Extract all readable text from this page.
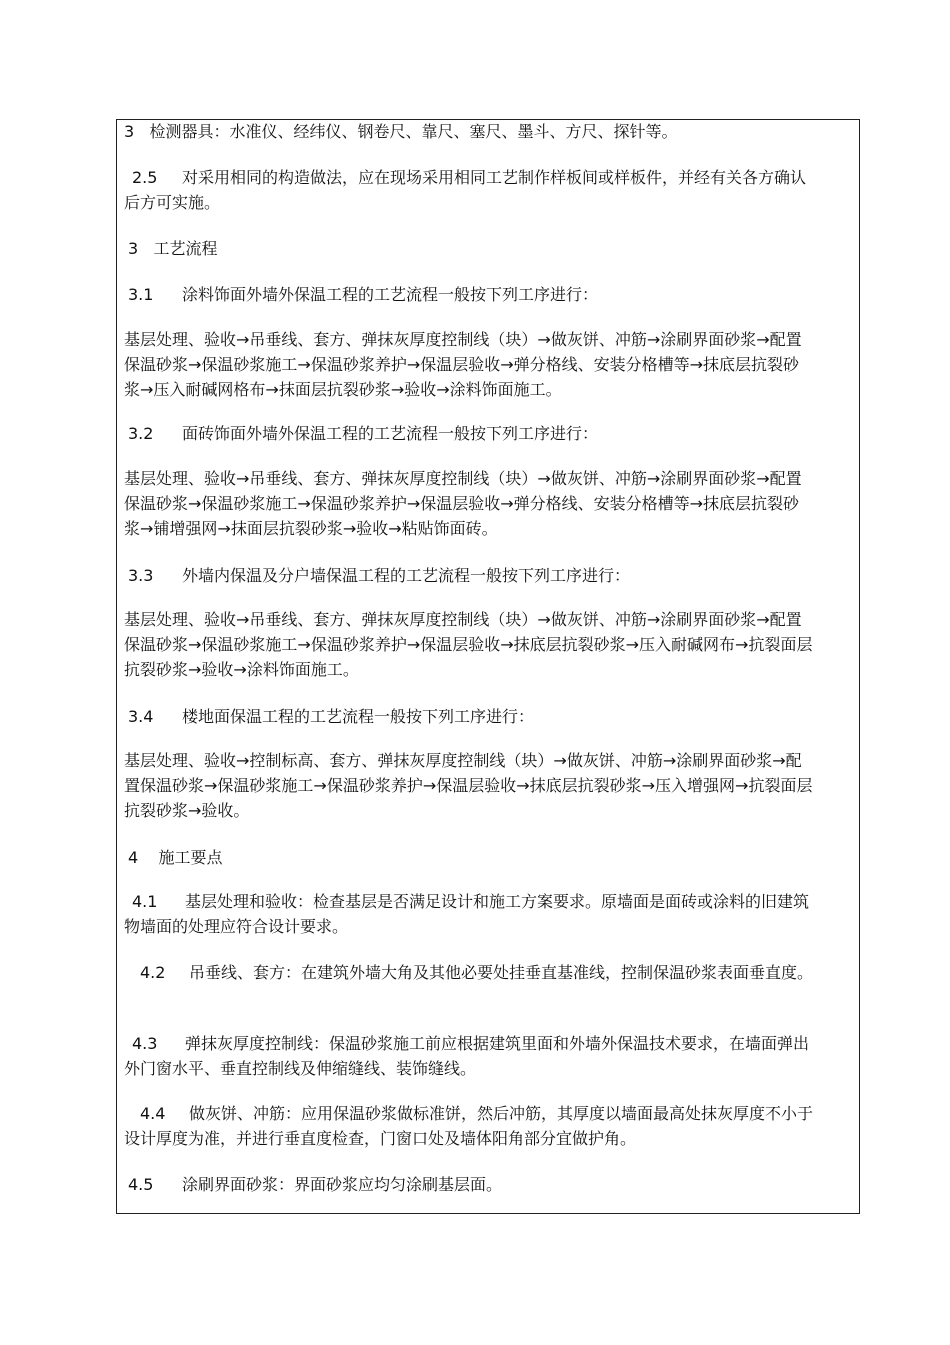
3 检测器具：水准仪、经纬仪、钢卷尺、靠尺、塞尺、墨斗、方尺、探针等。

2.5 对采用相同的构造做法，应在现场采用相同工艺制作样板间或样板件，并经有关各方确认后方可实施。

3 工艺流程

3.1 涂料饰面外墙外保温工程的工艺流程一般按下列工序进行：

基层处理、验收→吊垂线、套方、弹抹灰厚度控制线（块）→做灰饼、冲筋→涂刷界面砂浆→配置保温砂浆→保温砂浆施工→保温砂浆养护→保温层验收→弹分格线、安装分格槽等→抹底层抗裂砂浆→压入耐碱网格布→抹面层抗裂砂浆→验收→涂料饰面施工。

3.2 面砖饰面外墙外保温工程的工艺流程一般按下列工序进行：

基层处理、验收→吊垂线、套方、弹抹灰厚度控制线（块）→做灰饼、冲筋→涂刷界面砂浆→配置保温砂浆→保温砂浆施工→保温砂浆养护→保温层验收→弹分格线、安装分格槽等→抹底层抗裂砂浆→铺增强网→抹面层抗裂砂浆→验收→粘贴饰面砖。

3.3 外墙内保温及分户墙保温工程的工艺流程一般按下列工序进行：

基层处理、验收→吊垂线、套方、弹抹灰厚度控制线（块）→做灰饼、冲筋→涂刷界面砂浆→配置保温砂浆→保温砂浆施工→保温砂浆养护→保温层验收→抹底层抗裂砂浆→压入耐碱网布→抗裂面层抗裂砂浆→验收→涂料饰面施工。

3.4 楼地面保温工程的工艺流程一般按下列工序进行：

基层处理、验收→控制标高、套方、弹抹灰厚度控制线（块）→做灰饼、冲筋→涂刷界面砂浆→配置保温砂浆→保温砂浆施工→保温砂浆养护→保温层验收→抹底层抗裂砂浆→压入增强网→抗裂面层抗裂砂浆→验收。

4 施工要点

4.1 基层处理和验收：检查基层是否满足设计和施工方案要求。原墙面是面砖或涂料的旧建筑物墙面的处理应符合设计要求。

4.2 吊垂线、套方：在建筑外墙大角及其他必要处挂垂直基准线，控制保温砂浆表面垂直度。

4.3 弹抹灰厚度控制线：保温砂浆施工前应根据建筑里面和外墙外保温技术要求，在墙面弹出外门窗水平、垂直控制线及伸缩缝线、装饰缝线。

4.4 做灰饼、冲筋：应用保温砂浆做标准饼，然后冲筋，其厚度以墙面最高处抹灰厚度不小于设计厚度为准，并进行垂直度检查，门窗口处及墙体阳角部分宜做护角。

4.5 涂刷界面砂浆：界面砂浆应均匀涂刷基层面。
